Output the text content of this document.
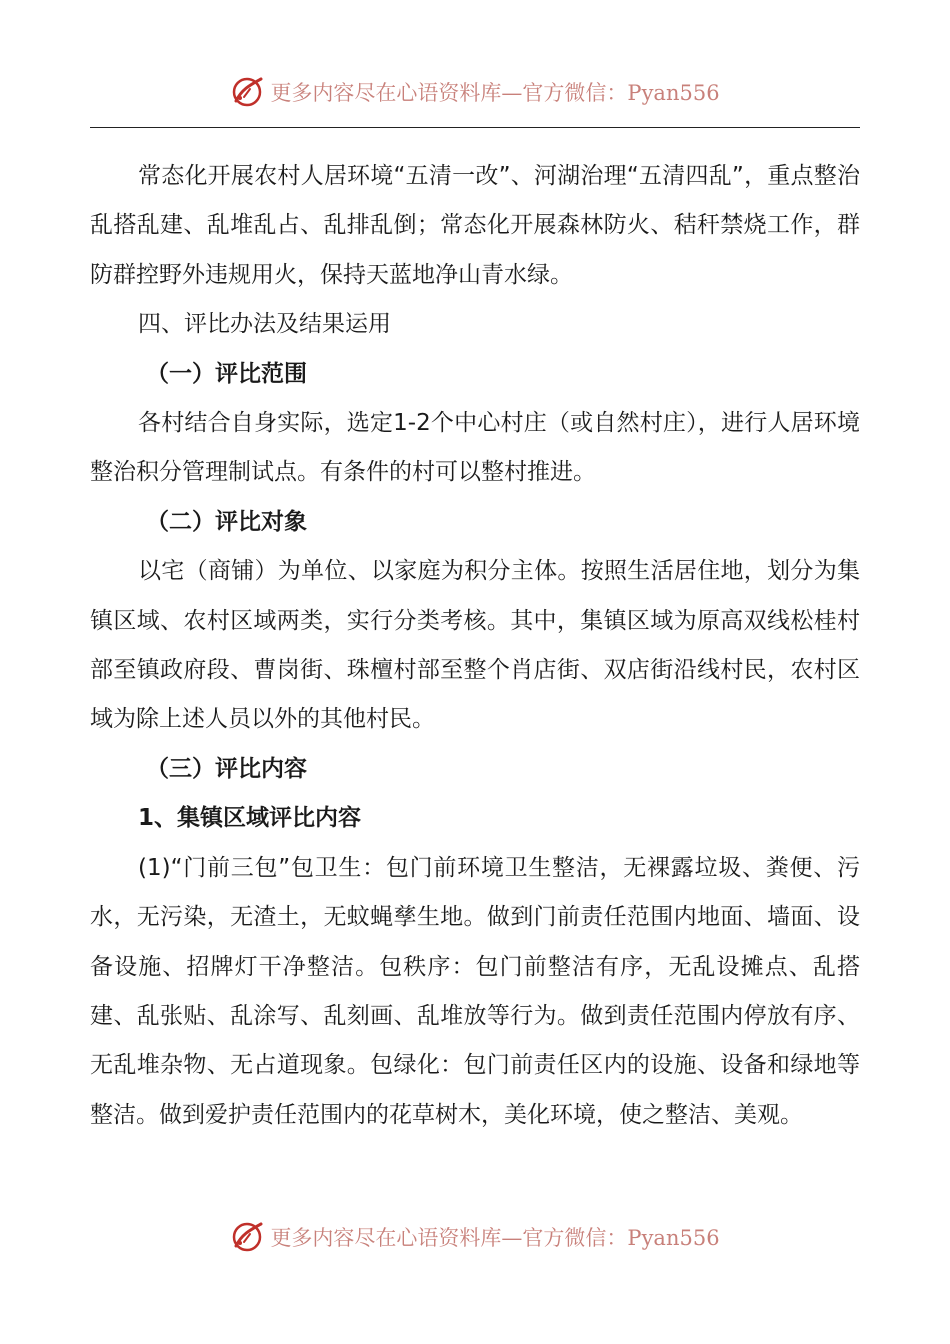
更多内容尽在心语资料库—官方微信：Pyan556

常态化开展农村人居环境“五清一改”、河湖治理“五清四乱”，重点整治乱搭乱建、乱堆乱占、乱排乱倒；常态化开展森林防火、秸秆禁烧工作，群防群控野外违规用火，保持天蓝地净山青水绿。

四、评比办法及结果运用

（一）评比范围

各村结合自身实际，选定1-2个中心村庄（或自然村庄），进行人居环境整治积分管理制试点。有条件的村可以整村推进。

（二）评比对象

以宅（商铺）为单位、以家庭为积分主体。按照生活居住地，划分为集镇区域、农村区域两类，实行分类考核。其中，集镇区域为原高双线松桂村部至镇政府段、曹岗街、珠檀村部至整个肖店街、双店街沿线村民，农村区域为除上述人员以外的其他村民。

（三）评比内容

1、集镇区域评比内容

(1)“门前三包”包卫生：包门前环境卫生整洁，无裸露垃圾、粪便、污水，无污染，无渣土，无蚊蝇孳生地。做到门前责任范围内地面、墙面、设备设施、招牌灯干净整洁。包秩序：包门前整洁有序，无乱设摊点、乱搭建、乱张贴、乱涂写、乱刻画、乱堆放等行为。做到责任范围内停放有序、无乱堆杂物、无占道现象。包绿化：包门前责任区内的设施、设备和绿地等整洁。做到爱护责任范围内的花草树木，美化环境，使之整洁、美观。

更多内容尽在心语资料库—官方微信：Pyan556
